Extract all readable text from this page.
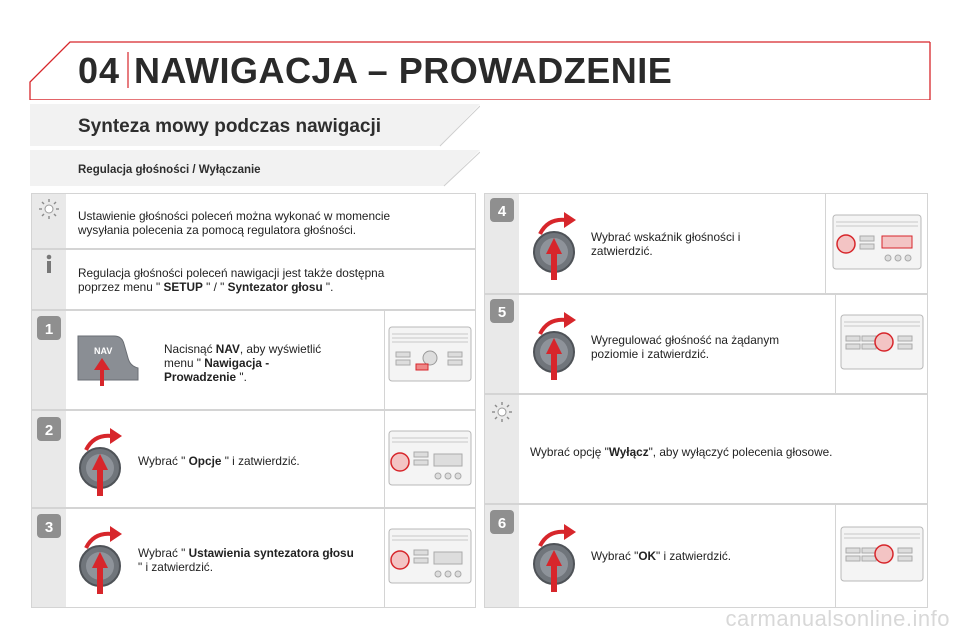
04 NAWIGACJA – PROWADZENIE
Synteza mowy podczas nawigacji
Regulacja głośności / Wyłączanie
Ustawienie głośności poleceń można wykonać w momencie wysyłania polecenia za pomocą regulatora głośności.
Regulacja głośności poleceń nawigacji jest także dostępna
poprzez menu " SETUP " / " Syntezator głosu ".
1
NAV	Nacisnąć NAV, aby wyświetlić menu " Nawigacja - Prowadzenie ".
2
Wybrać " Opcje " i zatwierdzić.
3
Wybrać " Ustawienia syntezatora głosu " i zatwierdzić.
4
Wybrać wskaźnik głośności i zatwierdzić.
5
Wyregulować głośność na żądanym poziomie i zatwierdzić.
Wybrać opcję "Wyłącz", aby wyłączyć polecenia głosowe.
6
Wybrać "OK" i zatwierdzić.
carmanualsonline.info
